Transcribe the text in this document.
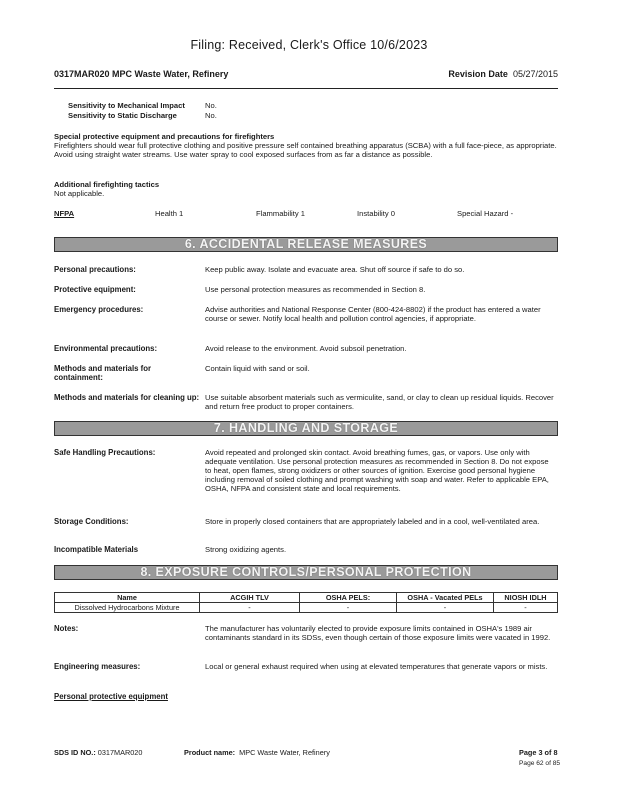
Filing: Received, Clerk's Office 10/6/2023
0317MAR020 MPC Waste Water, Refinery	Revision Date 05/27/2015
Sensitivity to Mechanical Impact	No.
Sensitivity to Static Discharge	No.
Special protective equipment and precautions for firefighters
Firefighters should wear full protective clothing and positive pressure self contained breathing apparatus (SCBA) with a full face-piece, as appropriate. Avoid using straight water streams. Use water spray to cool exposed surfaces from as far a distance as possible.
Additional firefighting tactics
Not applicable.
NFPA	Health 1	Flammability 1	Instability 0	Special Hazard -
6. ACCIDENTAL RELEASE MEASURES
Personal precautions:	Keep public away. Isolate and evacuate area. Shut off source if safe to do so.
Protective equipment:	Use personal protection measures as recommended in Section 8.
Emergency procedures:	Advise authorities and National Response Center (800-424-8802) if the product has entered a water course or sewer. Notify local health and pollution control agencies, if appropriate.
Environmental precautions:	Avoid release to the environment. Avoid subsoil penetration.
Methods and materials for containment:
Contain liquid with sand or soil.
Methods and materials for cleaning up: Use suitable absorbent materials such as vermiculite, sand, or clay to clean up residual liquids. Recover and return free product to proper containers.
7. HANDLING AND STORAGE
Safe Handling Precautions:	Avoid repeated and prolonged skin contact. Avoid breathing fumes, gas, or vapors. Use only with adequate ventilation. Use personal protection measures as recommended in Section 8. Do not expose to heat, open flames, strong oxidizers or other sources of ignition. Exercise good personal hygiene including removal of soiled clothing and prompt washing with soap and water. Refer to applicable EPA, OSHA, NFPA and consistent state and local requirements.
Storage Conditions:	Store in properly closed containers that are appropriately labeled and in a cool, well-ventilated area.
Incompatible Materials	Strong oxidizing agents.
8. EXPOSURE CONTROLS/PERSONAL PROTECTION
Name	ACGIH TLV	OSHA PELS:	OSHA - Vacated PELs	NIOSH IDLH
Dissolved Hydrocarbons Mixture	-	-	-	-
Notes:	The manufacturer has voluntarily elected to provide exposure limits contained in OSHA's 1989 air contaminants standard in its SDSs, even though certain of those exposure limits were vacated in 1992.
Engineering measures:	Local or general exhaust required when using at elevated temperatures that generate vapors or mists.
Personal protective equipment
SDS ID NO.: 0317MAR020	Product name: MPC Waste Water, Refinery	Page 3 of 8
Page 62 of 85
